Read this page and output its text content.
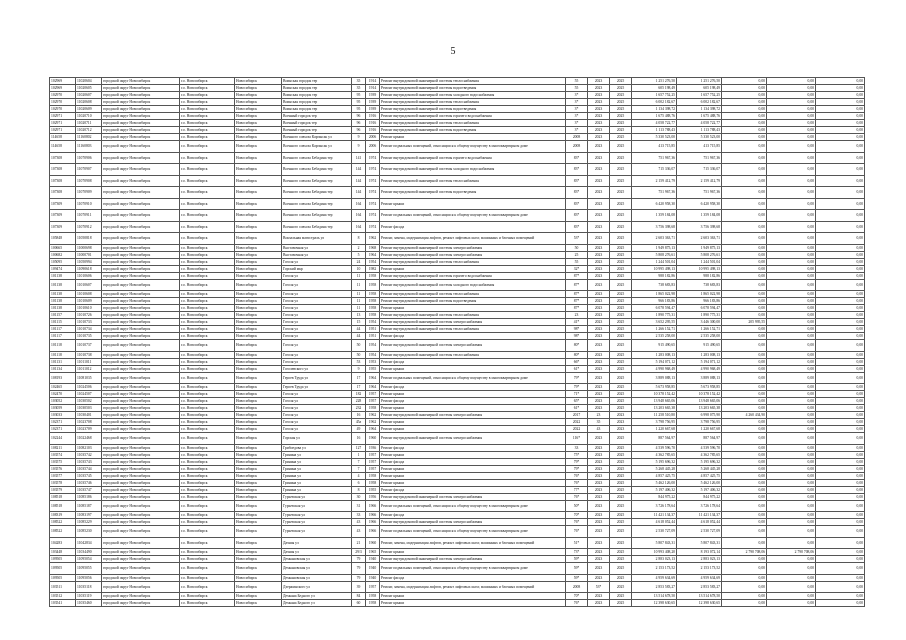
5
102969	11020604	городской округ Новосибирск	г.о. Новосибирск	Новосибирск	Воинская городок тер	35	1914	Ремонт внутридомовой инженерной системы теплоснабжения	55	2023	2025	1 251 276,50	1 251 276,50	0,00	0,00	0,00
102969	11020605	городской округ Новосибирск	г.о. Новосибирск	Новосибирск	Воинская городок тер	35	1914	Ремонт внутридомовой инженерной системы водоотведения	55	2023	2025	605 198,49	605 198,49	0,00	0,00	0,00
102970	11020607	городской округ Новосибирск	г.о. Новосибирск	Новосибирск	Воинская городок тер	95	1939	Ремонт внутридомовой инженерной системы холодного водоснабжения	3*	2023	2025	1 657 752,25	1 657 752,25	0,00	0,00	0,00
102970	11020608	городской округ Новосибирск	г.о. Новосибирск	Новосибирск	Воинская городок тер	95	1939	Ремонт внутридомовой инженерной системы теплоснабжения	3*	2023	2025	6 002 182,67	6 002 182,67	0,00	0,00	0,00
102970	11020609	городской округ Новосибирск	г.о. Новосибирск	Новосибирск	Воинская городок тер	95	1939	Ремонт внутридомовой инженерной системы водоотведения	3*	2023	2025	1 134 398,72	1 134 398,72	0,00	0,00	0,00
102971	11020710	городской округ Новосибирск	г.о. Новосибирск	Новосибирск	Военный городок тер	96	1916	Ремонт внутридомовой инженерной системы горячего водоснабжения	3*	2023	2025	1 675 488,76	1 675 488,76	0,00	0,00	0,00
102971	11020711	городской округ Новосибирск	г.о. Новосибирск	Новосибирск	Военный городок тер	96	1916	Ремонт внутридомовой инженерной системы теплоснабжения	3*	2023	2025	4 058 722,77	4 058 722,77	0,00	0,00	0,00
102971	11020712	городской округ Новосибирск	г.о. Новосибирск	Новосибирск	Военный городок тер	96	1916	Ремонт внутридомовой инженерной системы водоотведения	3*	2023	2025	1 113 788,43	1 113 788,43	0,00	0,00	0,00
114658	11160802	городской округ Новосибирск	г.о. Новосибирск	Новосибирск	Военного совхоза Карпысак ул	9	2006	Ремонт крыши	2008	2023	2025	5 330 523,00	5 330 523,00	0,00	0,00	0,00
114658	11160803	городской округ Новосибирск	г.о. Новосибирск	Новосибирск	Военного совхоза Карпысак ул	9	2006	Ремонт подвальных помещений, относящихся к общему имуществу в многоквартирном доме	2008	2023	2025	413 715,85	413 715,85	0,00	0,00	0,00
107308	11070906	городской округ Новосибирск	г.о. Новосибирск	Новосибирск	Военного совхоза Бебадина тер	141	1974	Ремонт внутридомовой инженерной системы горячего водоснабжения	83*	2023	2025	751 967,36	751 967,36	0,00	0,00	0,00
107308	11070907	городской округ Новосибирск	г.о. Новосибирск	Новосибирск	Военного совхоза Бебадина тер	144	1974	Ремонт внутридомовой инженерной системы холодного водоснабжения	83*	2023	2025	715 336,07	715 336,07	0,00	0,00	0,00
107308	11070908	городской округ Новосибирск	г.о. Новосибирск	Новосибирск	Военного совхоза Бебадина тер	144	1974	Ремонт внутридомовой инженерной системы теплоснабжения	83*	2023	2025	2 159 412,79	2 159 412,79	0,00	0,00	0,00
107308	11070909	городской округ Новосибирск	г.о. Новосибирск	Новосибирск	Военного совхоза Бебадина тер	144	1974	Ремонт внутридомовой инженерной системы водоотведения	83*	2023	2025	751 967,36	751 967,36	0,00	0,00	0,00
107309	11070910	городской округ Новосибирск	г.о. Новосибирск	Новосибирск	Военного совхоза Бебадина тер	164	1974	Ремонт крыши	83*	2023	2025	6 420 958,30	6 420 958,30	0,00	0,00	0,00
107309	11070911	городской округ Новосибирск	г.о. Новосибирск	Новосибирск	Военного совхоза Бебадина тер	164	1974	Ремонт подвальных помещений, относящихся к общему имуществу в многоквартирном доме	83*	2023	2025	1 359 184,08	1 359 184,08	0,00	0,00	0,00
107309	11070912	городской округ Новосибирск	г.о. Новосибирск	Новосибирск	Военного совхоза Бебадина тер	164	1974	Ремонт фасада	83*	2023	2025	3 756 398,68	3 756 398,68	0,00	0,00	0,00
105848	11050818	городской округ Новосибирск	г.о. Новосибирск	Новосибирск	Вокзальная магистраль ул	8	1962	Ремонт, замена, модернизация лифтов, ремонт лифтовых шахт, машинных и блочных помещений	53*	2023	2025	2 603 363,71	2 603 363,71	0,00	0,00	0,00
100665	11000698	городской округ Новосибирск	г.о. Новосибирск	Новосибирск	Выставочная ул	2	1968	Ремонт внутридомовой инженерной системы электроснабжения	50	2023	2025	1 949 875,13	1 949 875,13	0,00	0,00	0,00
100682	11000701	городской округ Новосибирск	г.о. Новосибирск	Новосибирск	Выставочная ул	5	1964	Ремонт внутридомовой инженерной системы электроснабжения	25	2023	2025	5 808 276,61	5 808 276,61	0,00	0,00	0,00
105095	11050994	городской округ Новосибирск	г.о. Новосибирск	Новосибирск	Гоголя ул	24	1954	Ремонт внутридомовой инженерной системы теплоснабжения	55	2023	2025	1 244 501,04	1 244 501,04	0,00	0,00	0,00
109474	11090618	городской округ Новосибирск	г.о. Новосибирск	Новосибирск	Горский мкр	10	1982	Ремонт крыши	32*	2023	2025	10 995 498,13	10 995 498,13	0,00	0,00	0,00
101138	11010606	городской округ Новосибирск	г.о. Новосибирск	Новосибирск	Гоголя ул	11	1958	Ремонт внутридомовой инженерной системы горячего водоснабжения	87*	2023	2025	988 182,86	988 182,86	0,00	0,00	0,00
101138	11010607	городской округ Новосибирск	г.о. Новосибирск	Новосибирск	Гоголя ул	11	1958	Ремонт внутридомовой инженерной системы холодного водоснабжения	87*	2023	2025	738 683,83	738 683,83	0,00	0,00	0,00
101138	11010608	городской округ Новосибирск	г.о. Новосибирск	Новосибирск	Гоголя ул	11	1958	Ремонт внутридомовой инженерной системы теплоснабжения	87*	2023	2025	1 865 022,98	1 865 022,98	0,00	0,00	0,00
101138	11010609	городской округ Новосибирск	г.о. Новосибирск	Новосибирск	Гоголя ул	11	1958	Ремонт внутридомовой инженерной системы водоотведения	87*	2023	2025	966 183,86	966 183,86	0,00	0,00	0,00
101138	11010610	городской округ Новосибирск	г.о. Новосибирск	Новосибирск	Гоголя ул	11	1958	Ремонт крыши	87*	2023	2025	6 078 594,47	6 078 594,47	0,00	0,00	0,00
101157	11010726	городской округ Новосибирск	г.о. Новосибирск	Новосибирск	Гоголя ул	13	1958	Ремонт внутридомовой инженерной системы теплоснабжения	23	2023	2025	1 890 775,31	1 890 775,31	0,00	0,00	0,00
101115	11010733	городской округ Новосибирск	г.о. Новосибирск	Новосибирск	Гоголя ул	15	1954	Ремонт внутридомовой инженерной системы электроснабжения	41*	2023	2025	3 652 295,55	3 446 300,00	205 995,55	0,00	0,00
101117	11010734	городской округ Новосибирск	г.о. Новосибирск	Новосибирск	Гоголя ул	44	1951	Ремонт внутридомовой инженерной системы теплоснабжения	98*	2023	2025	1 266 152,71	1 266 152,71	0,00	0,00	0,00
101117	11010735	городской округ Новосибирск	г.о. Новосибирск	Новосибирск	Гоголя ул	44	1951	Ремонт фасада	98*	2023	2025	2 535 258,00	2 535 258,00	0,00	0,00	0,00
101118	11010737	городской округ Новосибирск	г.о. Новосибирск	Новосибирск	Гоголя ул	50	1954	Ремонт внутридомовой инженерной системы электроснабжения	80*	2023	2025	915 490,65	915 490,65	0,00	0,00	0,00
101118	11010738	городской округ Новосибирск	г.о. Новосибирск	Новосибирск	Гоголя ул	50	1954	Ремонт внутридомовой инженерной системы теплоснабжения	80*	2023	2025	1 283 008,13	1 283 008,13	0,00	0,00	0,00
101131	11011011	городской округ Новосибирск	г.о. Новосибирск	Новосибирск	Гоголя ул	53	1953	Ремонт фасада	66*	2023	2025	5 194 071,12	5 194 071,12	0,00	0,00	0,00
101134	11011012	городской округ Новосибирск	г.о. Новосибирск	Новосибирск	Гоголевского ул	9	1955	Ремонт крыши	61*	2023	2025	4 990 968,49	4 990 968,49	0,00	0,00	0,00
108193	11081035	городской округ Новосибирск	г.о. Новосибирск	Новосибирск	Героев Труда ул	17	1964	Ремонт подвальных помещений, относящихся к общему имуществу в многоквартирном доме	79*	2023	2025	3 889 088,13	3 889 088,13	0,00	0,00	0,00
102465	11024506	городской округ Новосибирск	г.о. Новосибирск	Новосибирск	Героев Труда ул	17	1964	Ремонт фасада	79*	2023	2025	5 673 958,85	5 673 958,85	0,00	0,00	0,00
102470	11024507	городской округ Новосибирск	г.о. Новосибирск	Новосибирск	Гоголя ул	182	1957	Ремонт крыши	71*	2023	2025	10 378 152,42	10 378 152,42	0,00	0,00	0,00
103052	11030502	городской округ Новосибирск	г.о. Новосибирск	Новосибирск	Гоголя ул	228	1957	Ремонт фасада	65*	2023	2025	13 948 665,06	13 948 665,06	0,00	0,00	0,00
103059	11030503	городской округ Новосибирск	г.о. Новосибирск	Новосибирск	Гоголя ул	232	1958	Ремонт крыши	61*	2023	2025	13 203 665,38	13 203 665,38	0,00	0,00	0,00
103033	11030401	городской округ Новосибирск	г.о. Новосибирск	Новосибирск	Гоголя ул	16	1962	Ремонт внутридомовой инженерной системы электроснабжения	2017	23	2023	11 258 510,80	6 998 075,90	4 260 434,90	0,00	0,00
102371	11023708	городской округ Новосибирск	г.о. Новосибирск	Новосибирск	Гоголя ул	45а	1962	Ремонт крыши	2022	35	2023	3 798 756,95	3 798 756,95	0,00	0,00	0,00
102371	11023709	городской округ Новосибирск	г.о. Новосибирск	Новосибирск	Гоголя ул	49	1964	Ремонт крыши	2022	43	2023	1 220 667,68	1 220 667,68	0,00	0,00	0,00
102244	11022468	городской округ Новосибирск	г.о. Новосибирск	Новосибирск	Горская ул	16	1960	Ремонт внутридомовой инженерной системы электроснабжения	116*	2023	2025	887 564,97	887 564,97	0,00	0,00	0,00
108211	11082103	городской округ Новосибирск	г.о. Новосибирск	Новосибирск	Грибоедова ул	127	1936	Ремонт фасада	33	2023	2025	4 539 596,70	4 539 596,70	0,00	0,00	0,00
103574	11035742	городской округ Новосибирск	г.о. Новосибирск	Новосибирск	Гринина ул	1	1957	Ремонт крыши	75*	2023	2025	4 362 785,65	4 362 785,65	0,00	0,00	0,00
103575	11035743	городской округ Новосибирск	г.о. Новосибирск	Новосибирск	Гринина ул	7	1957	Ремонт фасада	79*	2023	2025	5 195 696,32	5 195 696,32	0,00	0,00	0,00
103576	11035744	городской округ Новосибирск	г.о. Новосибирск	Новосибирск	Гринина ул	7	1957	Ремонт крыши	79*	2023	2025	5 268 445,28	5 268 445,28	0,00	0,00	0,00
103577	11035745	городской округ Новосибирск	г.о. Новосибирск	Новосибирск	Гринина ул	4	1958	Ремонт крыши	76*	2023	2025	4 857 425,75	4 857 425,75	0,00	0,00	0,00
103578	11035746	городской округ Новосибирск	г.о. Новосибирск	Новосибирск	Гринина ул	6	1958	Ремонт крыши	76*	2023	2025	5 462 126,00	5 462 126,00	0,00	0,00	0,00
103579	11035747	городской округ Новосибирск	г.о. Новосибирск	Новосибирск	Гринина ул	8	1955	Ремонт фасада	77*	2023	2025	5 197 406,32	5 197 406,32	0,00	0,00	0,00
108518	11085186	городской округ Новосибирск	г.о. Новосибирск	Новосибирск	Гурьевская ул	30	1956	Ремонт внутридомовой инженерной системы электроснабжения	76*	2023	2025	844 975,22	844 975,22	0,00	0,00	0,00
108518	11085187	городской округ Новосибирск	г.о. Новосибирск	Новосибирск	Гурьевская ул	31	1966	Ремонт подвальных помещений, относящихся к общему имуществу в многоквартирном доме	50*	2023	2025	3 726 178,64	3 726 178,64	0,00	0,00	0,00
108319	11083197	городской округ Новосибирск	г.о. Новосибирск	Новосибирск	Гурьевская ул	33	1966	Ремонт фасада	70*	2023	2025	11 421 134,37	11 421 134,37	0,00	0,00	0,00
108522	11085229	городской округ Новосибирск	г.о. Новосибирск	Новосибирск	Гурьевская ул	43	1966	Ремонт внутридомовой инженерной системы электроснабжения	76*	2023	2025	4 618 052,44	4 618 052,44	0,00	0,00	0,00
108522	11085230	городской округ Новосибирск	г.о. Новосибирск	Новосибирск	Гурьевская ул	43	1966	Ремонт подвальных помещений, относящихся к общему имуществу в многоквартирном доме	76*	2023	2025	2 530 727,09	2 530 727,09	0,00	0,00	0,00
104283	11042834	городской округ Новосибирск	г.о. Новосибирск	Новосибирск	Дачная ул	21	1960	Ремонт, замена, модернизация лифтов, ремонт лифтовых шахт, машинных и блочных помещений	51*	2023	2025	5 807 843,31	5 807 843,31	0,00	0,00	0,00
103448	11034490	городской округ Новосибирск	г.о. Новосибирск	Новосибирск	Дачная ул	29/3	1965	Ремонт крыши	73*	2023	2025	10 993 408,20	8 193 072,14	2 790 708,06	2 790 708,06	0,00
109505	11095054	городской округ Новосибирск	г.о. Новосибирск	Новосибирск	Демьяновская ул	79	1940	Ремонт внутридомовой инженерной системы электроснабжения	59*	2023	2025	2 883 023,13	2 883 023,13	0,00	0,00	0,00
109505	11095055	городской округ Новосибирск	г.о. Новосибирск	Новосибирск	Демьяновская ул	79	1940	Ремонт подвальных помещений, относящихся к общему имуществу в многоквартирном доме	59*	2023	2025	2 153 173,52	2 153 173,52	0,00	0,00	0,00
109505	11095056	городской округ Новосибирск	г.о. Новосибирск	Новосибирск	Демьяновская ул	79	1940	Ремонт фасада	59*	2023	2025	4 959 634,69	4 959 634,69	0,00	0,00	0,00
103511	11035118	городской округ Новосибирск	г.о. Новосибирск	Новосибирск	Дзержинского ул	39	1957	Ремонт, замена, модернизация лифтов, ремонт лифтовых шахт, машинных и блочных помещений	2008	53*	2025	2 853 583,27	2 853 583,27	0,00	0,00	0,00
103512	11035119	городской округ Новосибирск	г.о. Новосибирск	Новосибирск	Демьяна Бедного ул	84	1958	Ремонт крыши	70*	2023	2025	13 514 678,50	13 514 678,50	0,00	0,00	0,00
103541	11035460	городской округ Новосибирск	г.о. Новосибирск	Новосибирск	Демьяна Бедного ул	60	1958	Ремонт крыши	76*	2023	2025	12 398 630,65	12 398 630,65	0,00	0,00	0,00
